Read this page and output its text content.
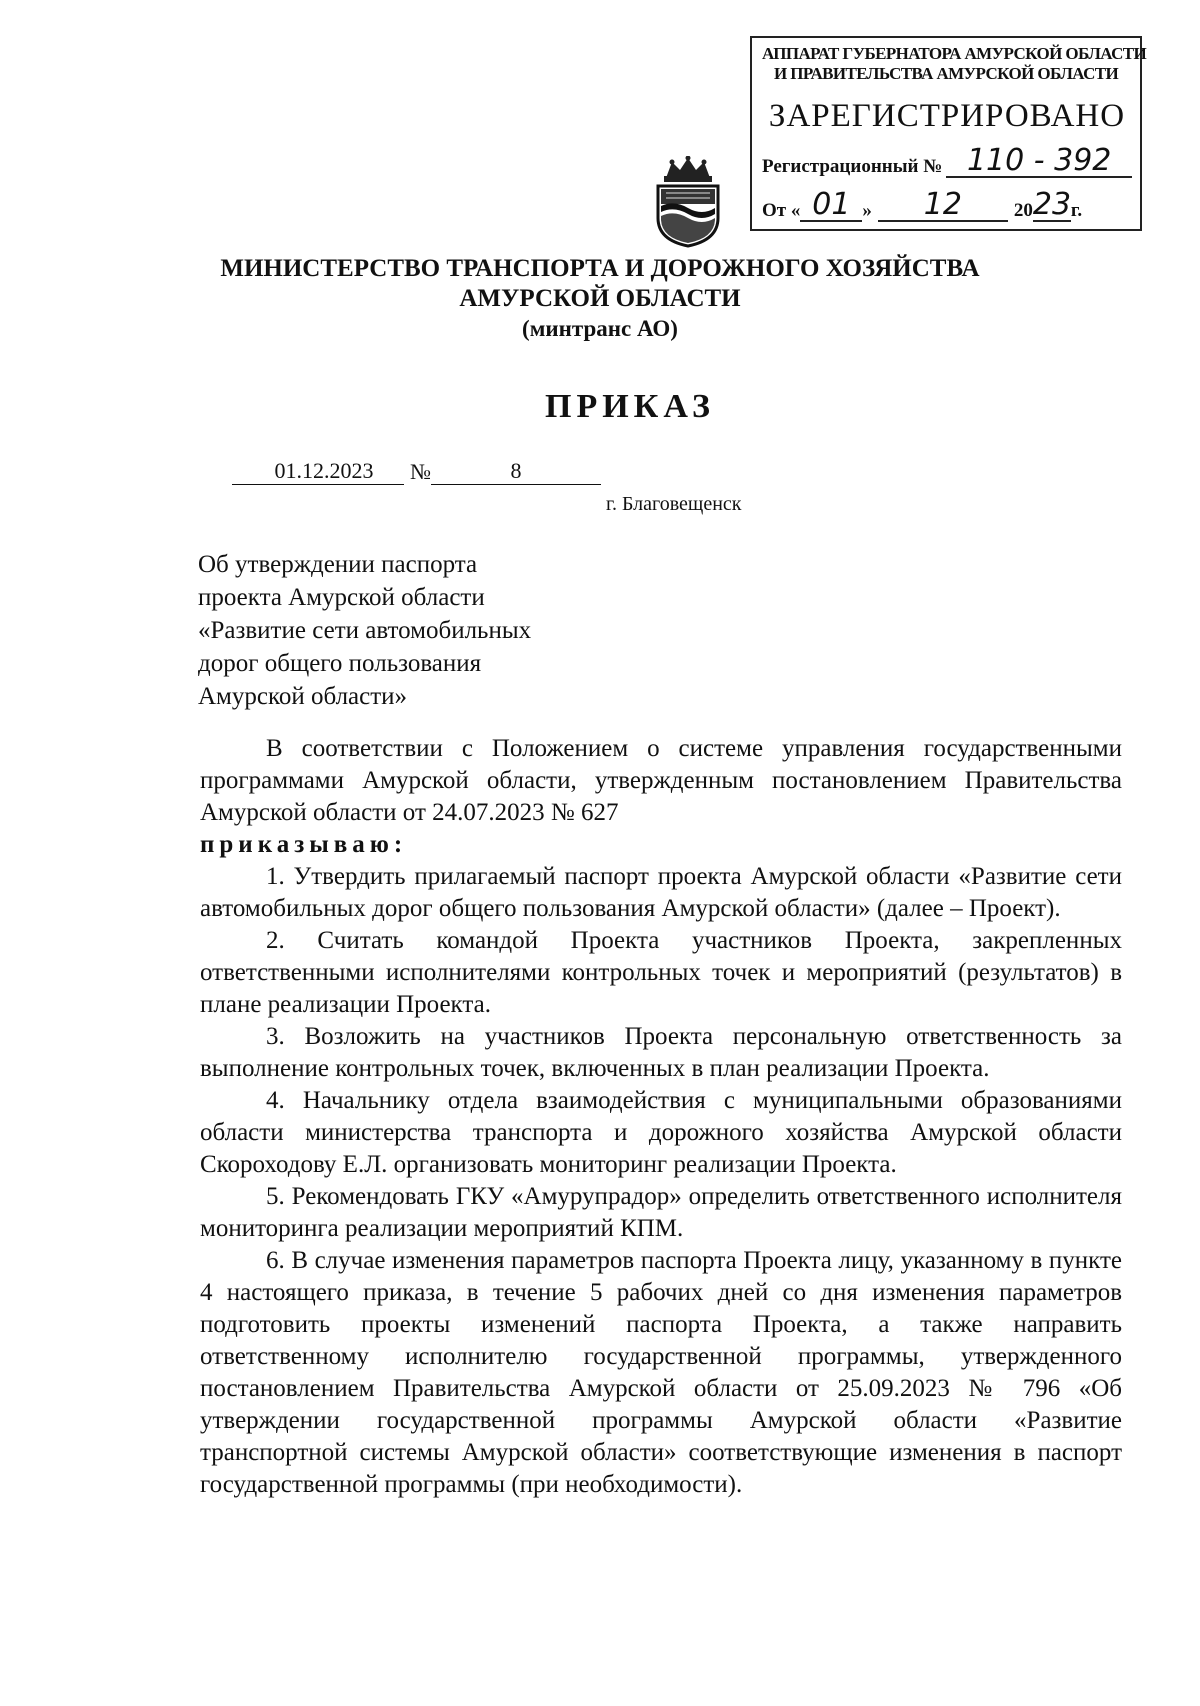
АППАРАТ ГУБЕРНАТОРА АМУРСКОЙ ОБЛАСТИ
И ПРАВИТЕЛЬСТВА АМУРСКОЙ ОБЛАСТИ
ЗАРЕГИСТРИРОВАНО
Регистрационный № 110 - 392
От « 01 »	12	20 23 г.
МИНИСТЕРСТВО ТРАНСПОРТА И ДОРОЖНОГО ХОЗЯЙСТВА
АМУРСКОЙ ОБЛАСТИ
(минтранс АО)
ПРИКАЗ
01.12.2023	№	8
г. Благовещенск
Об утверждении паспорта
проекта Амурской области
«Развитие сети автомобильных
дорог общего пользования
Амурской области»

В соответствии с Положением о системе управления государственными программами Амурской области, утвержденным постановлением Правительства Амурской области от 24.07.2023 № 627

приказываю:

1. Утвердить прилагаемый паспорт проекта Амурской области «Развитие сети автомобильных дорог общего пользования Амурской области» (далее – Проект).

2. Считать командой Проекта участников Проекта, закрепленных ответственными исполнителями контрольных точек и мероприятий (результатов) в плане реализации Проекта.

3. Возложить на участников Проекта персональную ответственность за выполнение контрольных точек, включенных в план реализации Проекта.

4. Начальнику отдела взаимодействия с муниципальными образованиями области министерства транспорта и дорожного хозяйства Амурской области Скороходову Е.Л. организовать мониторинг реализации Проекта.

5. Рекомендовать ГКУ «Амурупрадор» определить ответственного исполнителя мониторинга реализации мероприятий КПМ.

6. В случае изменения параметров паспорта Проекта лицу, указанному в пункте 4 настоящего приказа, в течение 5 рабочих дней со дня изменения параметров подготовить проекты изменений паспорта Проекта, а также направить ответственному исполнителю государственной программы, утвержденного постановлением Правительства Амурской области от 25.09.2023 № 796 «Об утверждении государственной программы Амурской области «Развитие транспортной системы Амурской области» соответствующие изменения в паспорт государственной программы (при необходимости).
